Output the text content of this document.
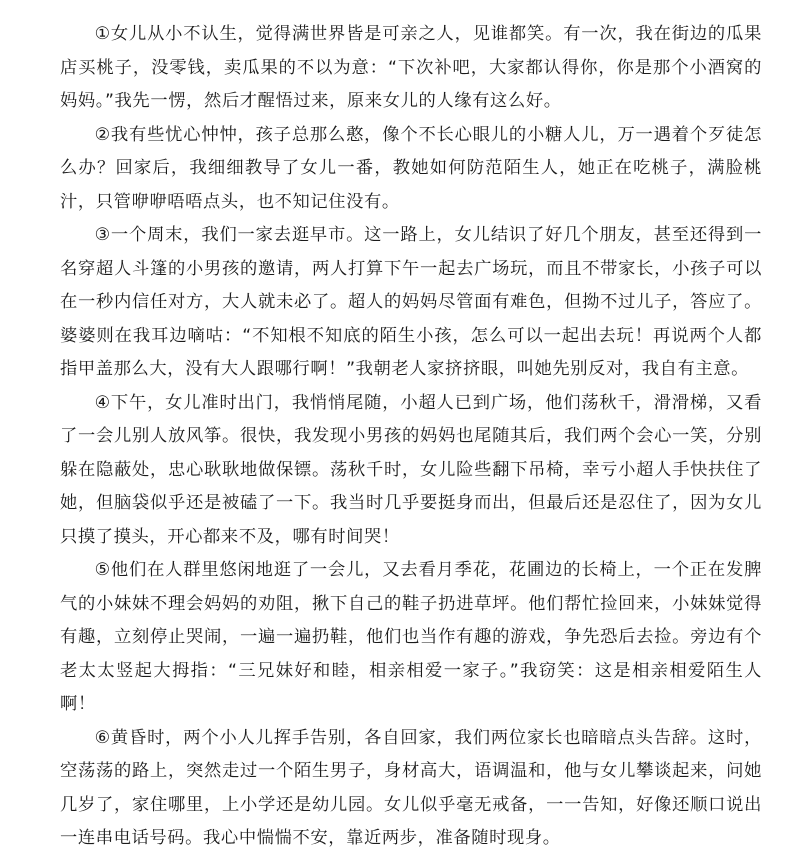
①女儿从小不认生，觉得满世界皆是可亲之人，见谁都笑。有一次，我在街边的瓜果店买桃子，没零钱，卖瓜果的不以为意：“下次补吧，大家都认得你，你是那个小酒窝的妈妈。”我先一愣，然后才醒悟过来，原来女儿的人缘有这么好。

②我有些忧心忡忡，孩子总那么憨，像个不长心眼儿的小糖人儿，万一遇着个歹徒怎么办？回家后，我细细教导了女儿一番，教她如何防范陌生人，她正在吃桃子，满脸桃汁，只管咿咿唔唔点头，也不知记住没有。

③一个周末，我们一家去逛早市。这一路上，女儿结识了好几个朋友，甚至还得到一名穿超人斗篷的小男孩的邀请，两人打算下午一起去广场玩，而且不带家长，小孩子可以在一秒内信任对方，大人就未必了。超人的妈妈尽管面有难色，但拗不过儿子，答应了。婆婆则在我耳边嘀咕：“不知根不知底的陌生小孩，怎么可以一起出去玩！再说两个人都指甲盖那么大，没有大人跟哪行啊！”我朝老人家挤挤眼，叫她先别反对，我自有主意。

④下午，女儿准时出门，我悄悄尾随，小超人已到广场，他们荡秋千，滑滑梯，又看了一会儿别人放风筝。很快，我发现小男孩的妈妈也尾随其后，我们两个会心一笑，分别躲在隐蔽处，忠心耿耿地做保镖。荡秋千时，女儿险些翻下吊椅，幸亏小超人手快扶住了她，但脑袋似乎还是被磕了一下。我当时几乎要挺身而出，但最后还是忍住了，因为女儿只摸了摸头，开心都来不及，哪有时间哭！

⑤他们在人群里悠闲地逛了一会儿，又去看月季花，花圃边的长椅上，一个正在发脾气的小妹妹不理会妈妈的劝阻，揪下自己的鞋子扔进草坪。他们帮忙捡回来，小妹妹觉得有趣，立刻停止哭闹，一遍一遍扔鞋，他们也当作有趣的游戏，争先恐后去捡。旁边有个老太太竖起大拇指：“三兄妹好和睦，相亲相爱一家子。”我窃笑：这是相亲相爱陌生人啊！

⑥黄昏时，两个小人儿挥手告别，各自回家，我们两位家长也暗暗点头告辞。这时，空荡荡的路上，突然走过一个陌生男子，身材高大，语调温和，他与女儿攀谈起来，问她几岁了，家住哪里，上小学还是幼儿园。女儿似乎毫无戒备，一一告知，好像还顺口说出一连串电话号码。我心中惴惴不安，靠近两步，准备随时现身。
